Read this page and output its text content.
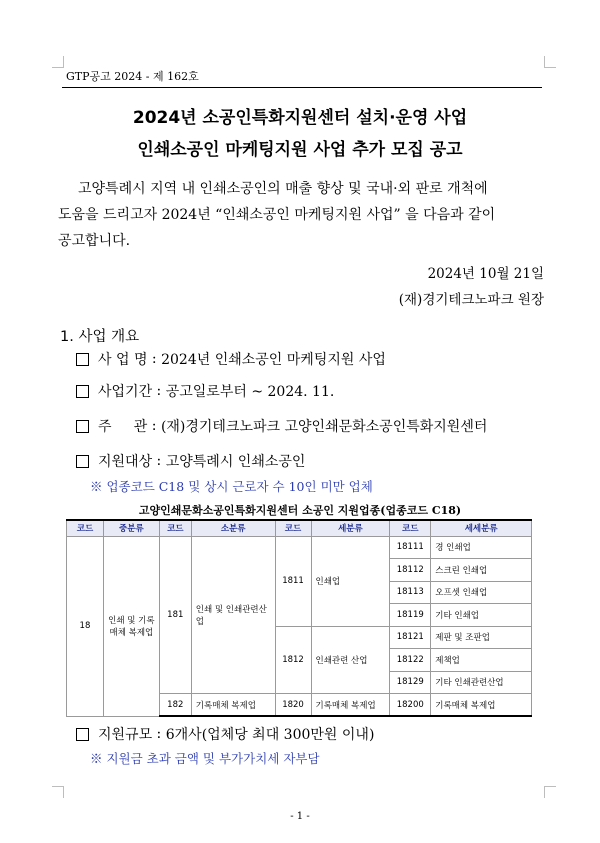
GTP공고 2024 - 제 162호
2024년 소공인특화지원센터 설치·운영 사업
인쇄소공인 마케팅지원 사업 추가 모집 공고
고양특례시 지역 내 인쇄소공인의 매출 향상 및 국내·외 판로 개척에
도움을 드리고자 2024년 “인쇄소공인 마케팅지원 사업” 을 다음과 같이
공고합니다.
2024년 10월 21일
(재)경기테크노파크 원장
1. 사업 개요
사 업 명 : 2024년 인쇄소공인 마케팅지원 사업
사업기간 : 공고일로부터 ~ 2024. 11.
주     관 : (재)경기테크노파크 고양인쇄문화소공인특화지원센터
지원대상 : 고양특례시 인쇄소공인
※ 업종코드 C18 및 상시 근로자 수 10인 미만 업체
고양인쇄문화소공인특화지원센터 소공인 지원업종(업종코드 C18)
코드	중분류	코드	소분류	코드	세분류	코드	세세분류
18	인쇄 및 기록매체 복제업	181	인쇄 및 인쇄관련산업	1811	인쇄업	18111	경 인쇄업
						18112	스크린 인쇄업
						18113	오프셋 인쇄업
						18119	기타 인쇄업
				1812	인쇄관련 산업	18121	제판 및 조판업
						18122	제책업
						18129	기타 인쇄관련산업
		182	기록매체 복제업	1820	기록매체 복제업	18200	기록매체 복제업
지원규모 : 6개사(업체당 최대 300만원 이내)
※ 지원금 초과 금액 및 부가가치세 자부담
- 1 -
